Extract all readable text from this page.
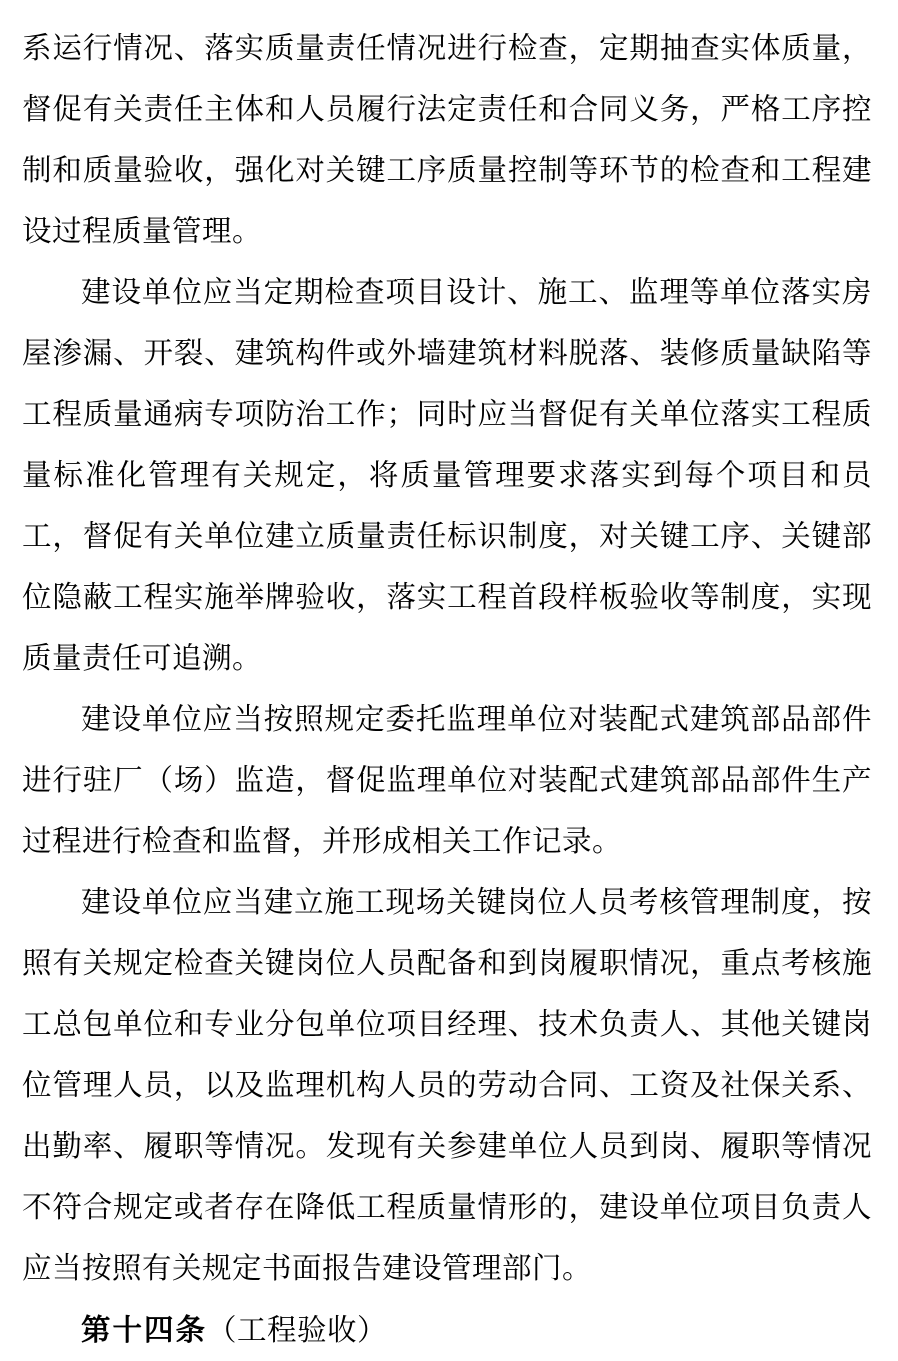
系运行情况、落实质量责任情况进行检查，定期抽查实体质量，督促有关责任主体和人员履行法定责任和合同义务，严格工序控制和质量验收，强化对关键工序质量控制等环节的检查和工程建设过程质量管理。

建设单位应当定期检查项目设计、施工、监理等单位落实房屋渗漏、开裂、建筑构件或外墙建筑材料脱落、装修质量缺陷等工程质量通病专项防治工作；同时应当督促有关单位落实工程质量标准化管理有关规定，将质量管理要求落实到每个项目和员工，督促有关单位建立质量责任标识制度，对关键工序、关键部位隐蔽工程实施举牌验收，落实工程首段样板验收等制度，实现质量责任可追溯。

建设单位应当按照规定委托监理单位对装配式建筑部品部件进行驻厂（场）监造，督促监理单位对装配式建筑部品部件生产过程进行检查和监督，并形成相关工作记录。

建设单位应当建立施工现场关键岗位人员考核管理制度，按照有关规定检查关键岗位人员配备和到岗履职情况，重点考核施工总包单位和专业分包单位项目经理、技术负责人、其他关键岗位管理人员，以及监理机构人员的劳动合同、工资及社保关系、出勤率、履职等情况。发现有关参建单位人员到岗、履职等情况不符合规定或者存在降低工程质量情形的，建设单位项目负责人应当按照有关规定书面报告建设管理部门。

第十四条（工程验收）
